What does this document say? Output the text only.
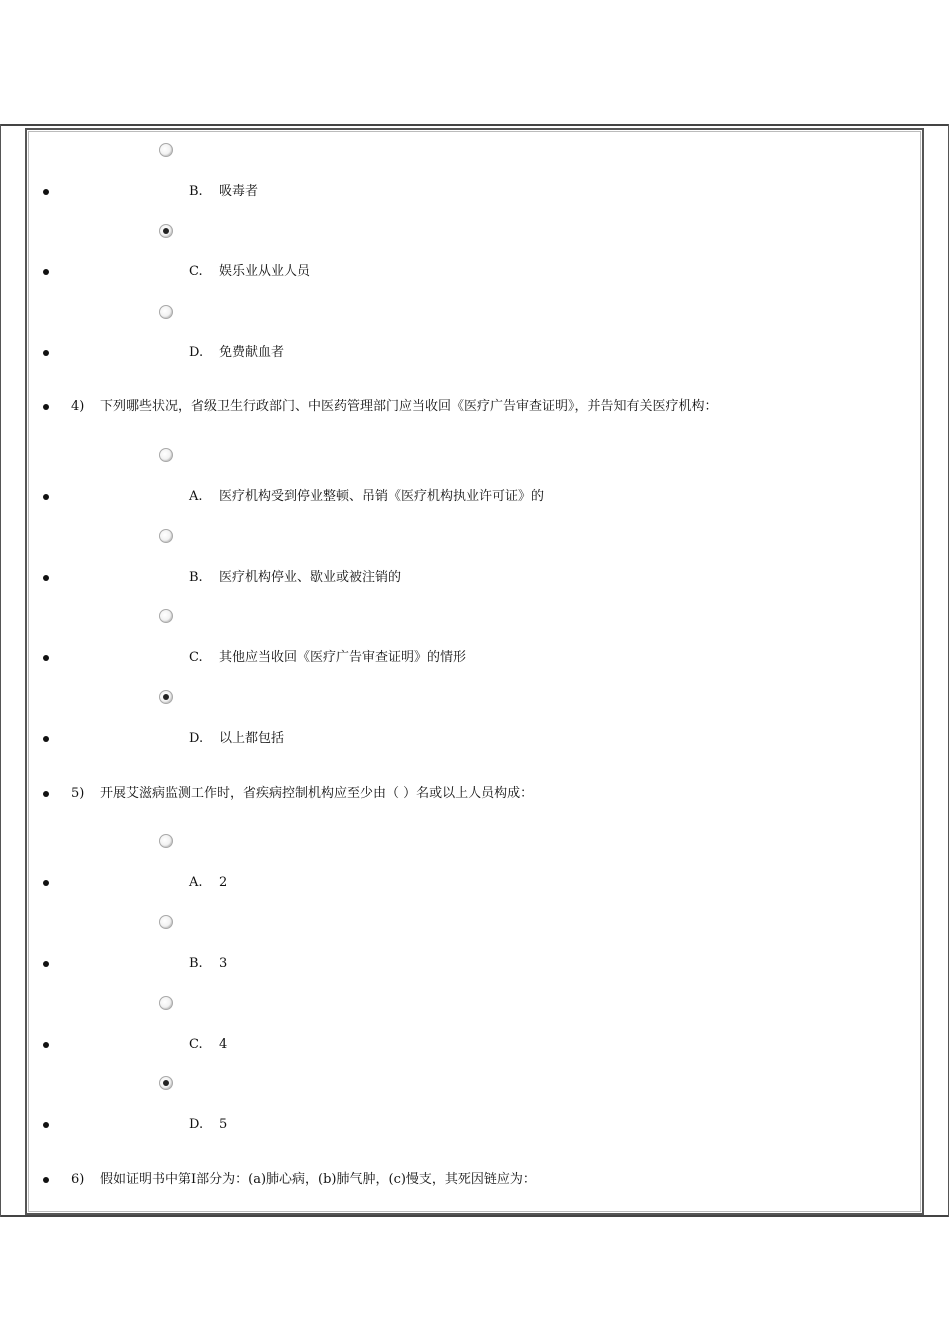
B. 吸毒者
C. 娱乐业从业人员
D. 免费献血者
4) 下列哪些状况，省级卫生行政部门、中医药管理部门应当收回《医疗广告审查证明》，并告知有关医疗机构：
A. 医疗机构受到停业整顿、吊销《医疗机构执业许可证》的
B. 医疗机构停业、歇业或被注销的
C. 其他应当收回《医疗广告审查证明》的情形
D. 以上都包括
5) 开展艾滋病监测工作时，省疾病控制机构应至少由（ ）名或以上人员构成：
A. 2
B. 3
C. 4
D. 5
6) 假如证明书中第Ⅰ部分为：(a)肺心病，(b)肺气肿，(c)慢支，其死因链应为：
